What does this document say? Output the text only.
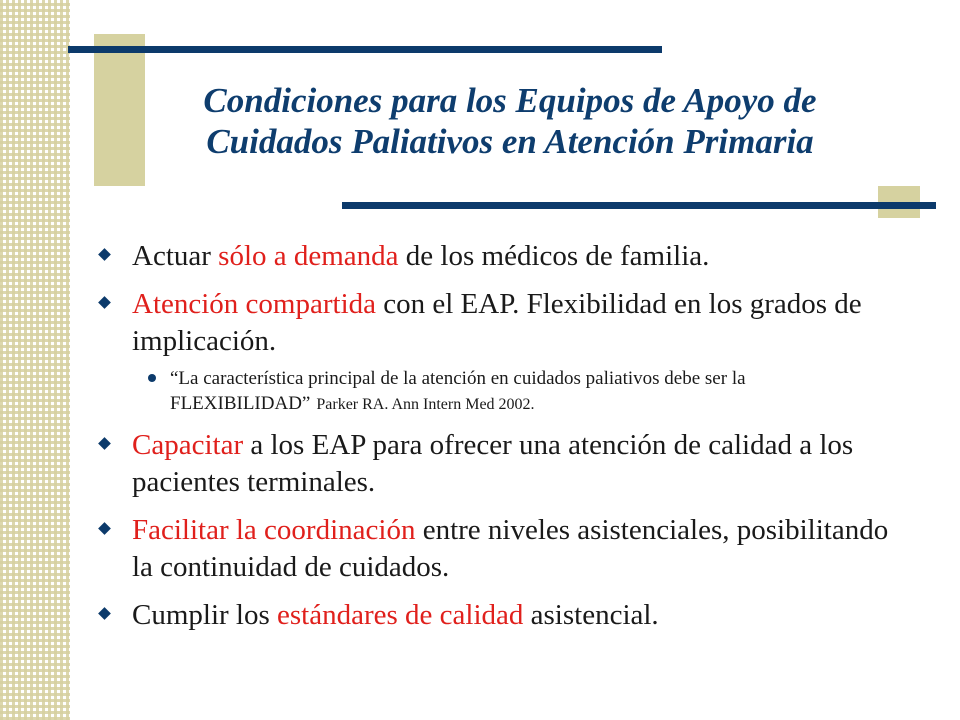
Condiciones para los Equipos de Apoyo de
Cuidados Paliativos en Atención Primaria
Actuar sólo a demanda de los médicos de familia.
Atención compartida con el EAP. Flexibilidad en los grados de implicación.
“La característica principal de la atención en cuidados paliativos debe ser la FLEXIBILIDAD” Parker RA. Ann Intern Med 2002.
Capacitar a los EAP para ofrecer una atención de calidad a los pacientes terminales.
Facilitar la coordinación entre niveles asistenciales, posibilitando la continuidad de cuidados.
Cumplir los estándares de calidad asistencial.
